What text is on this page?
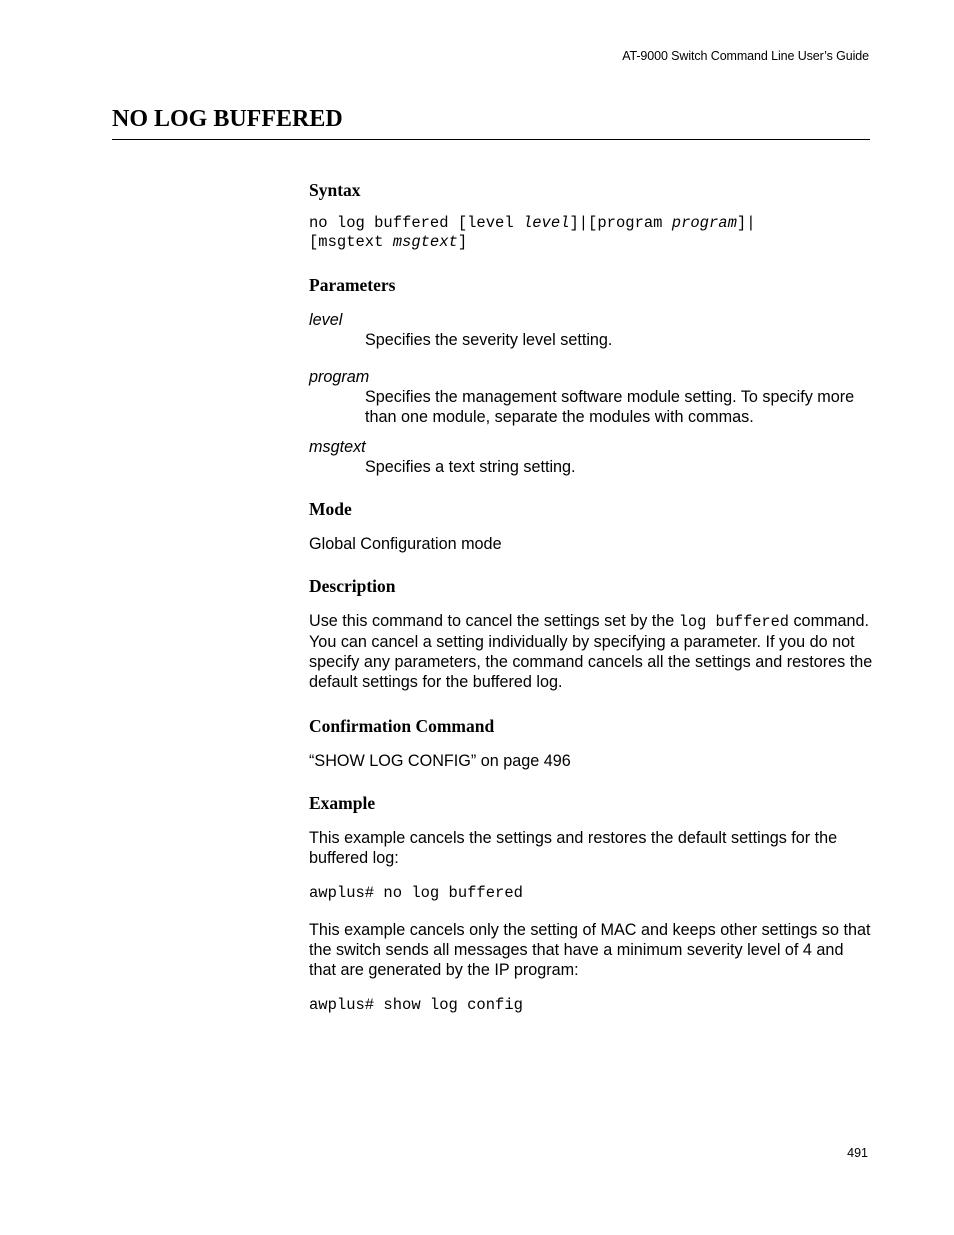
AT-9000 Switch Command Line User’s Guide
NO LOG BUFFERED
Syntax
no log buffered [level level]|[program program]|
[msgtext msgtext]
Parameters
level
Specifies the severity level setting.
program
Specifies the management software module setting. To specify more than one module, separate the modules with commas.
msgtext
Specifies a text string setting.
Mode

Global Configuration mode

Description

Use this command to cancel the settings set by the log buffered command. You can cancel a setting individually by specifying a parameter. If you do not specify any parameters, the command cancels all the settings and restores the default settings for the buffered log.

Confirmation Command

“SHOW LOG CONFIG” on page 496

Example

This example cancels the settings and restores the default settings for the buffered log:

awplus# no log buffered

This example cancels only the setting of MAC and keeps other settings so that the switch sends all messages that have a minimum severity level of 4 and that are generated by the IP program:

awplus# show log config
491
